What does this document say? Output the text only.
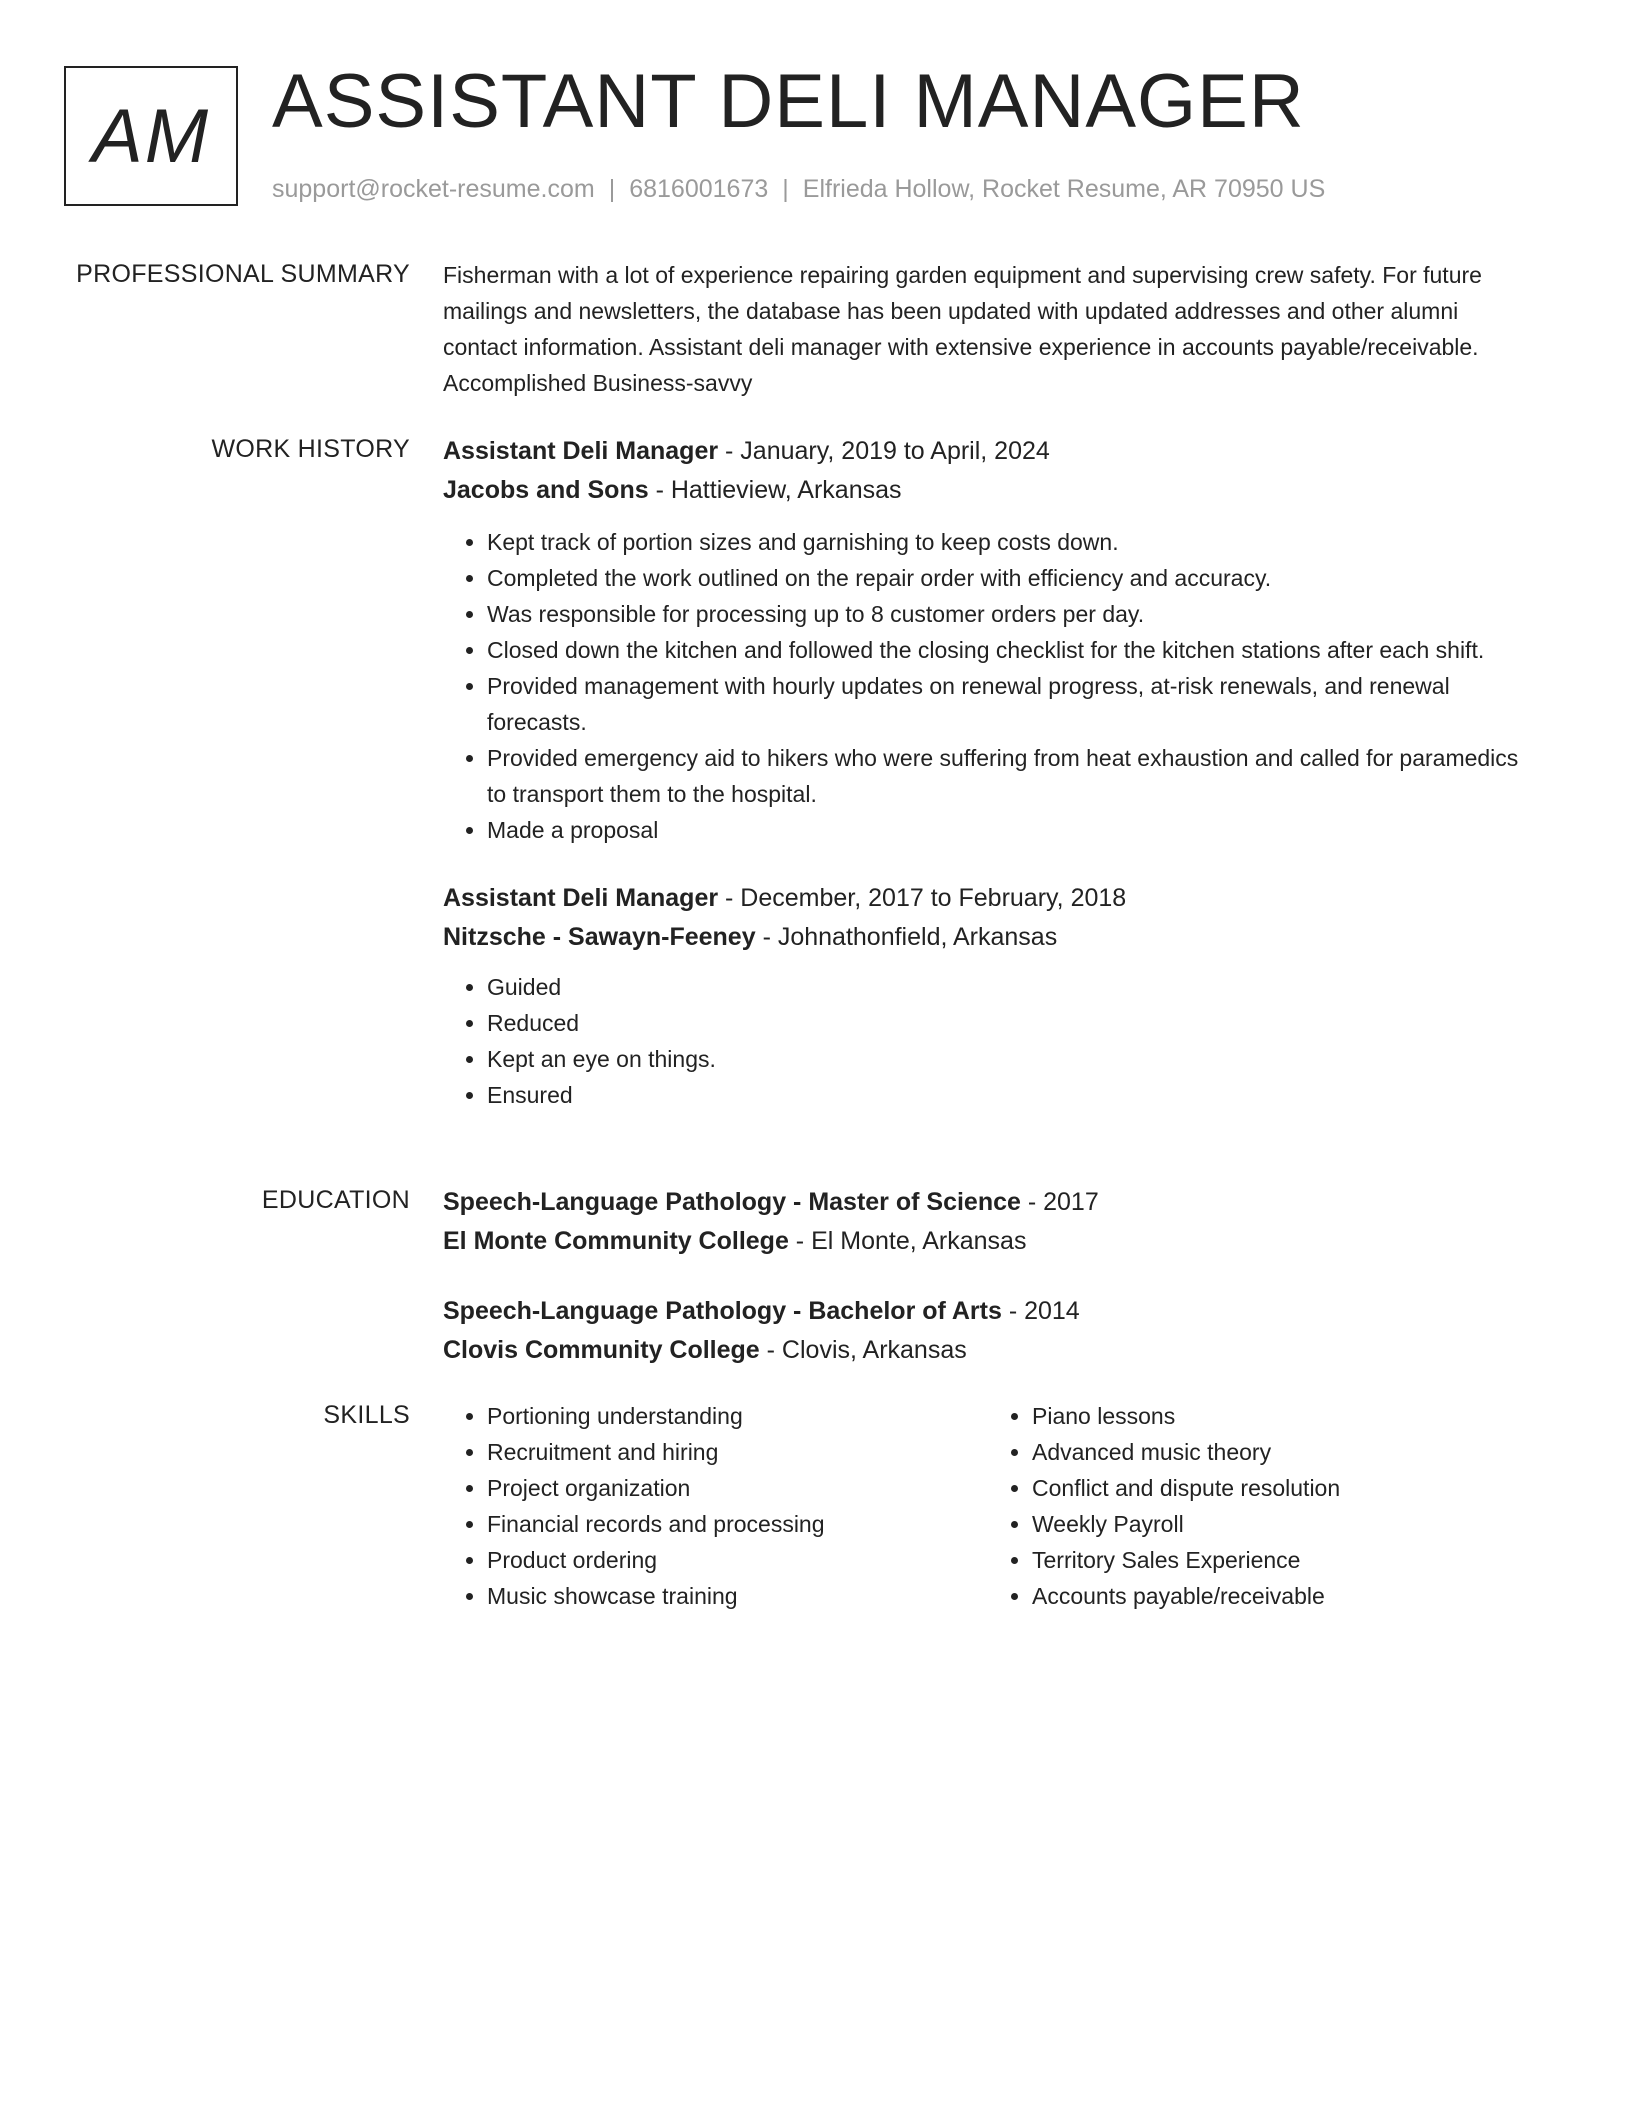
AM ASSISTANT DELI MANAGER
support@rocket-resume.com | 6816001673 | Elfrieda Hollow, Rocket Resume, AR 70950 US
PROFESSIONAL SUMMARY Fisherman with a lot of experience repairing garden equipment and supervising crew safety. For future mailings and newsletters, the database has been updated with updated addresses and other alumni contact information. Assistant deli manager with extensive experience in accounts payable/receivable. Accomplished Business-savvy

WORK HISTORY Assistant Deli Manager - January, 2019 to April, 2024
Jacobs and Sons - Hattieview, Arkansas
• Kept track of portion sizes and garnishing to keep costs down.
• Completed the work outlined on the repair order with efficiency and accuracy.
• Was responsible for processing up to 8 customer orders per day.
• Closed down the kitchen and followed the closing checklist for the kitchen stations after each shift.
• Provided management with hourly updates on renewal progress, at-risk renewals, and renewal forecasts.
• Provided emergency aid to hikers who were suffering from heat exhaustion and called for paramedics to transport them to the hospital.
• Made a proposal
Assistant Deli Manager - December, 2017 to February, 2018
Nitzsche - Sawayn-Feeney - Johnathonfield, Arkansas
• Guided
• Reduced
• Kept an eye on things.
• Ensured
EDUCATION Speech-Language Pathology - Master of Science - 2017
El Monte Community College - El Monte, Arkansas
Speech-Language Pathology - Bachelor of Arts - 2014
Clovis Community College - Clovis, Arkansas
SKILLS
•	Portioning understanding
• Recruitment and hiring
• Project organization
• Financial records and processing
• Product ordering
• Music showcase training
• Piano lessons
• Advanced music theory
• Conflict and dispute resolution
• Weekly Payroll
• Territory Sales Experience
• Accounts payable/receivable
